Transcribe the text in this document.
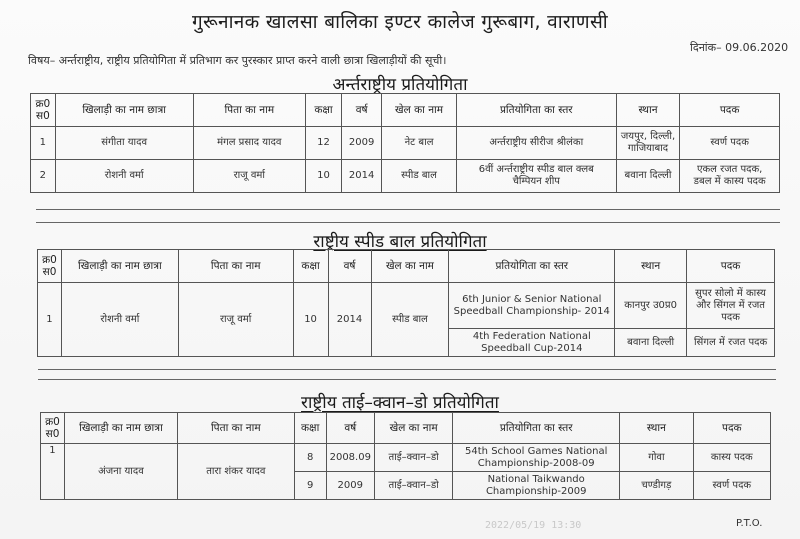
गुरूनानक खालसा बालिका इण्टर कालेज गुरूबाग, वाराणसी
दिनांक– 09.06.2020
विषय– अर्न्तराष्ट्रीय, राष्ट्रीय प्रतियोगिता में प्रतिभाग कर पुरस्कार प्राप्त करने वाली छात्रा खिलाड़ीयों की सूची।
अर्न्तराष्ट्रीय प्रतियोगिता
क्र0
स0	खिलाड़ी का नाम छात्रा	पिता का नाम	कक्षा	वर्ष	खेल का नाम	प्रतियोगिता का स्तर	स्थान	पदक
1	संगीता यादव	मंगल प्रसाद यादव	12	2009	नेट बाल	अर्न्तराष्ट्रीय सीरीज श्रीलंका	जयपुर, दिल्ली,
गाजियाबाद	स्वर्ण पदक
2	रोशनी वर्मा	राजू वर्मा	10	2014	स्पीड बाल	6वीं अर्न्तराष्ट्रीय स्पीड बाल क्लब
चैम्पियन शीप	बवाना दिल्ली	एकल रजत पदक,
डबल में कास्य पदक
राष्ट्रीय स्पीड बाल प्रतियोगिता
क्र0
स0	खिलाड़ी का नाम छात्रा	पिता का नाम	कक्षा	वर्ष	खेल का नाम	प्रतियोगिता का स्तर	स्थान	पदक
1	रोशनी वर्मा	राजू वर्मा	10	2014	स्पीड बाल	6th Junior & Senior National
Speedball Championship- 2014	कानपुर उ0प्र0	सुपर सोलो में कास्य
और सिंगल में रजत
पदक
						4th Federation National
Speedball Cup-2014	बवाना दिल्ली	सिंगल में रजत पदक
राष्ट्रीय ताई–क्वान–डो प्रतियोगिता
क्र0
स0	खिलाड़ी का नाम छात्रा	पिता का नाम	कक्षा	वर्ष	खेल का नाम	प्रतियोगिता का स्तर	स्थान	पदक
1	अंजना यादव	तारा शंकर यादव	8	2008.09	ताई–क्वान–डो	54th School Games National
Championship-2008-09	गोवा	कास्य पदक
			9	2009	ताई–क्वान–डो	National Taikwando
Championship-2009	चण्डीगड़	स्वर्ण पदक
2022/05/19 13:30	P.T.O.
